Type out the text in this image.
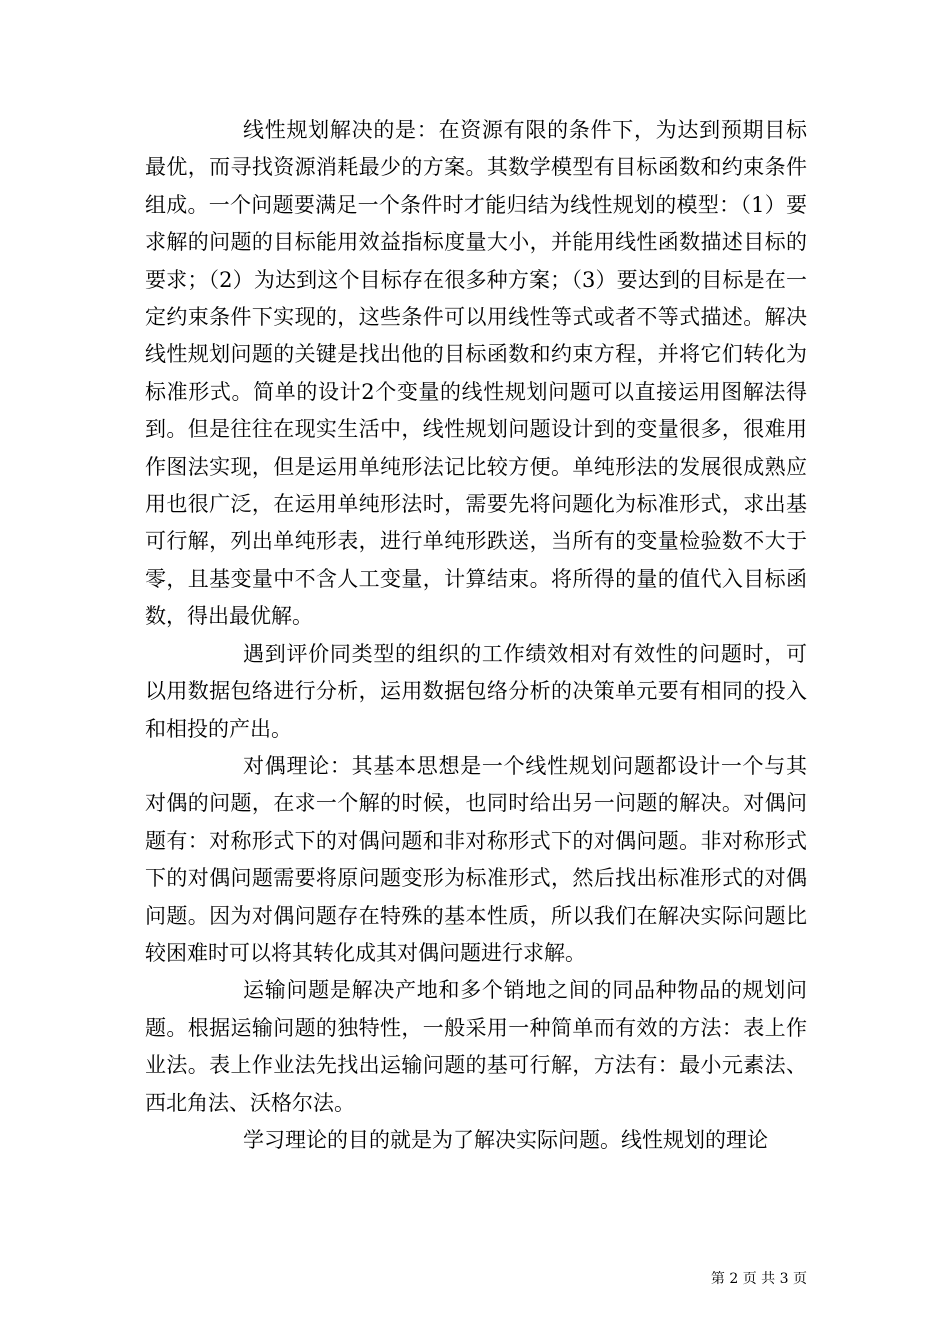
线性规划解决的是：在资源有限的条件下，为达到预期目标最优，而寻找资源消耗最少的方案。其数学模型有目标函数和约束条件组成。一个问题要满足一个条件时才能归结为线性规划的模型：（1）要求解的问题的目标能用效益指标度量大小，并能用线性函数描述目标的要求；（2）为达到这个目标存在很多种方案；（3）要达到的目标是在一定约束条件下实现的，这些条件可以用线性等式或者不等式描述。解决线性规划问题的关键是找出他的目标函数和约束方程，并将它们转化为标准形式。简单的设计2个变量的线性规划问题可以直接运用图解法得到。但是往往在现实生活中，线性规划问题设计到的变量很多，很难用作图法实现，但是运用单纯形法记比较方便。单纯形法的发展很成熟应用也很广泛，在运用单纯形法时，需要先将问题化为标准形式，求出基可行解，列出单纯形表，进行单纯形跌送，当所有的变量检验数不大于零，且基变量中不含人工变量，计算结束。将所得的量的值代入目标函数，得出最优解。

遇到评价同类型的组织的工作绩效相对有效性的问题时，可以用数据包络进行分析，运用数据包络分析的决策单元要有相同的投入和相投的产出。

对偶理论：其基本思想是一个线性规划问题都设计一个与其对偶的问题，在求一个解的时候，也同时给出另一问题的解决。对偶问题有：对称形式下的对偶问题和非对称形式下的对偶问题。非对称形式下的对偶问题需要将原问题变形为标准形式，然后找出标准形式的对偶问题。因为对偶问题存在特殊的基本性质，所以我们在解决实际问题比较困难时可以将其转化成其对偶问题进行求解。

运输问题是解决产地和多个销地之间的同品种物品的规划问题。根据运输问题的独特性，一般采用一种简单而有效的方法：表上作业法。表上作业法先找出运输问题的基可行解，方法有：最小元素法、西北角法、沃格尔法。

学习理论的目的就是为了解决实际问题。线性规划的理论

第 2 页 共 3 页
